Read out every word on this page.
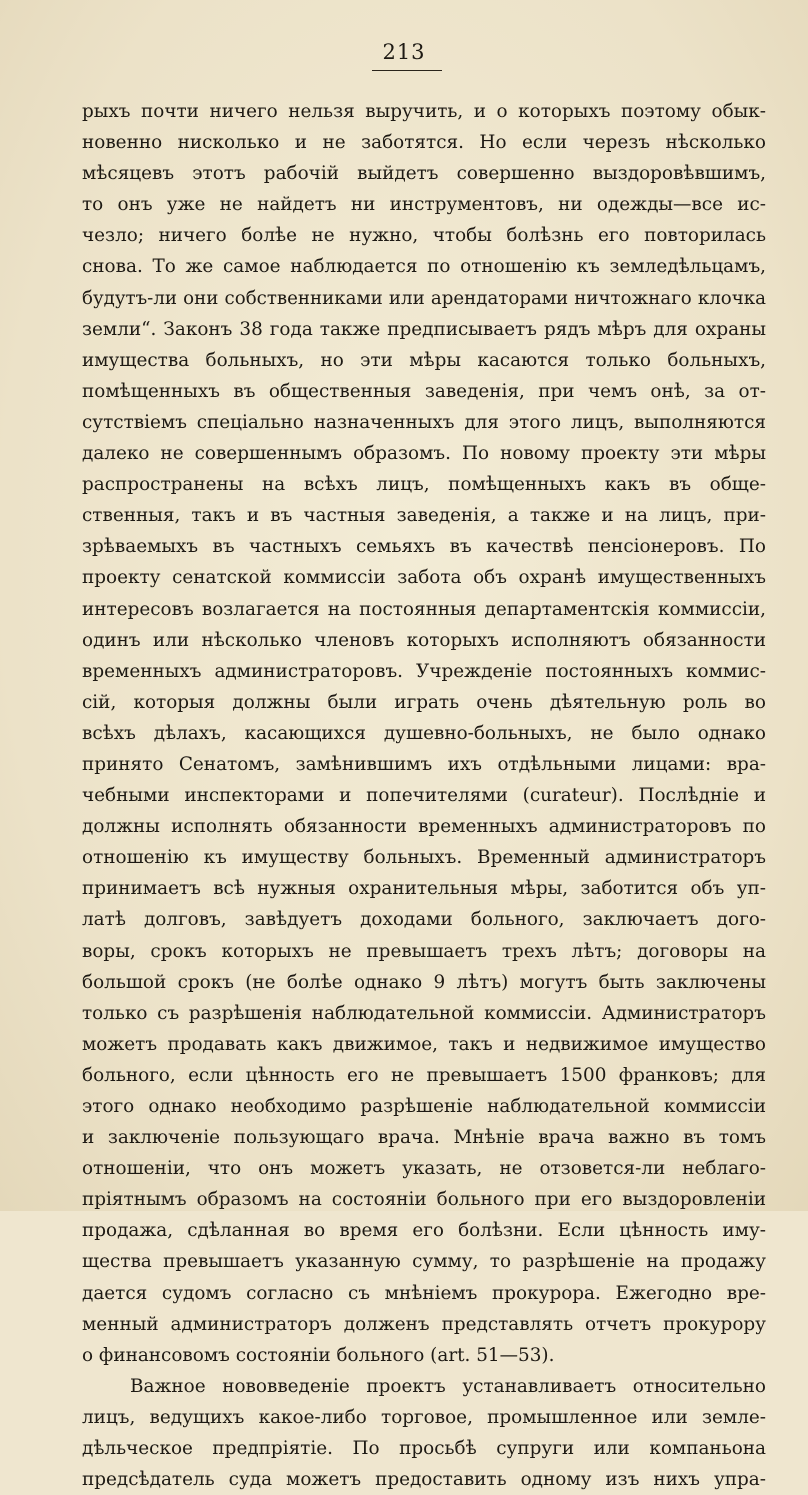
213
рыхъ почти ничего нельзя выручить, и о которыхъ поэтому обык-
новенно нисколько и не заботятся. Но если черезъ нѣсколько
мѣсяцевъ этотъ рабочій выйдетъ совершенно выздоровѣвшимъ,
то онъ уже не найдетъ ни инструментовъ, ни одежды—все ис-
чезло; ничего болѣе не нужно, чтобы болѣзнь его повторилась
снова. То же самое наблюдается по отношенію къ земледѣльцамъ,
будутъ-ли они собственниками или арендаторами ничтожнаго клочка
земли“. Законъ 38 года также предписываетъ рядъ мѣръ для охраны
имущества больныхъ, но эти мѣры касаются только больныхъ,
помѣщенныхъ въ общественныя заведенія, при чемъ онѣ, за от-
сутствіемъ спеціально назначенныхъ для этого лицъ, выполняются
далеко не совершеннымъ образомъ. По новому проекту эти мѣры
распространены на всѣхъ лицъ, помѣщенныхъ какъ въ обще-
ственныя, такъ и въ частныя заведенія, а также и на лицъ, при-
зрѣваемыхъ въ частныхъ семьяхъ въ качествѣ пенсіонеровъ. По
проекту сенатской коммиссіи забота объ охранѣ имущественныхъ
интересовъ возлагается на постоянныя департаментскія коммиссіи,
одинъ или нѣсколько членовъ которыхъ исполняютъ обязанности
временныхъ администраторовъ. Учрежденіе постоянныхъ коммис-
сій, которыя должны были играть очень дѣятельную роль во
всѣхъ дѣлахъ, касающихся душевно-больныхъ, не было однако
принято Сенатомъ, замѣнившимъ ихъ отдѣльными лицами: вра-
чебными инспекторами и попечителями (curateur). Послѣдніе и
должны исполнять обязанности временныхъ администраторовъ по
отношенію къ имуществу больныхъ. Временный администраторъ
принимаетъ всѣ нужныя охранительныя мѣры, заботится объ уп-
латѣ долговъ, завѣдуетъ доходами больного, заключаетъ дого-
воры, срокъ которыхъ не превышаетъ трехъ лѣтъ; договоры на
большой срокъ (не болѣе однако 9 лѣтъ) могутъ быть заключены
только съ разрѣшенія наблюдательной коммиссіи. Администраторъ
можетъ продавать какъ движимое, такъ и недвижимое имущество
больного, если цѣнность его не превышаетъ 1500 франковъ; для
этого однако необходимо разрѣшеніе наблюдательной коммиссіи
и заключеніе пользующаго врача. Мнѣніе врача важно въ томъ
отношеніи, что онъ можетъ указать, не отзовется-ли неблаго-
пріятнымъ образомъ на состояніи больного при его выздоровленіи
продажа, сдѣланная во время его болѣзни. Если цѣнность иму-
щества превышаетъ указанную сумму, то разрѣшеніе на продажу
дается судомъ согласно съ мнѣніемъ прокурора. Ежегодно вре-
менный администраторъ долженъ представлять отчетъ прокурору
о финансовомъ состояніи больного (art. 51—53).
Важное нововведеніе проектъ устанавливаетъ относительно
лицъ, ведущихъ какое-либо торговое, промышленное или земле-
дѣльческое предпріятіе. По просьбѣ супруги или компаньона
предсѣдатель суда можетъ предоставить одному изъ нихъ упра-
